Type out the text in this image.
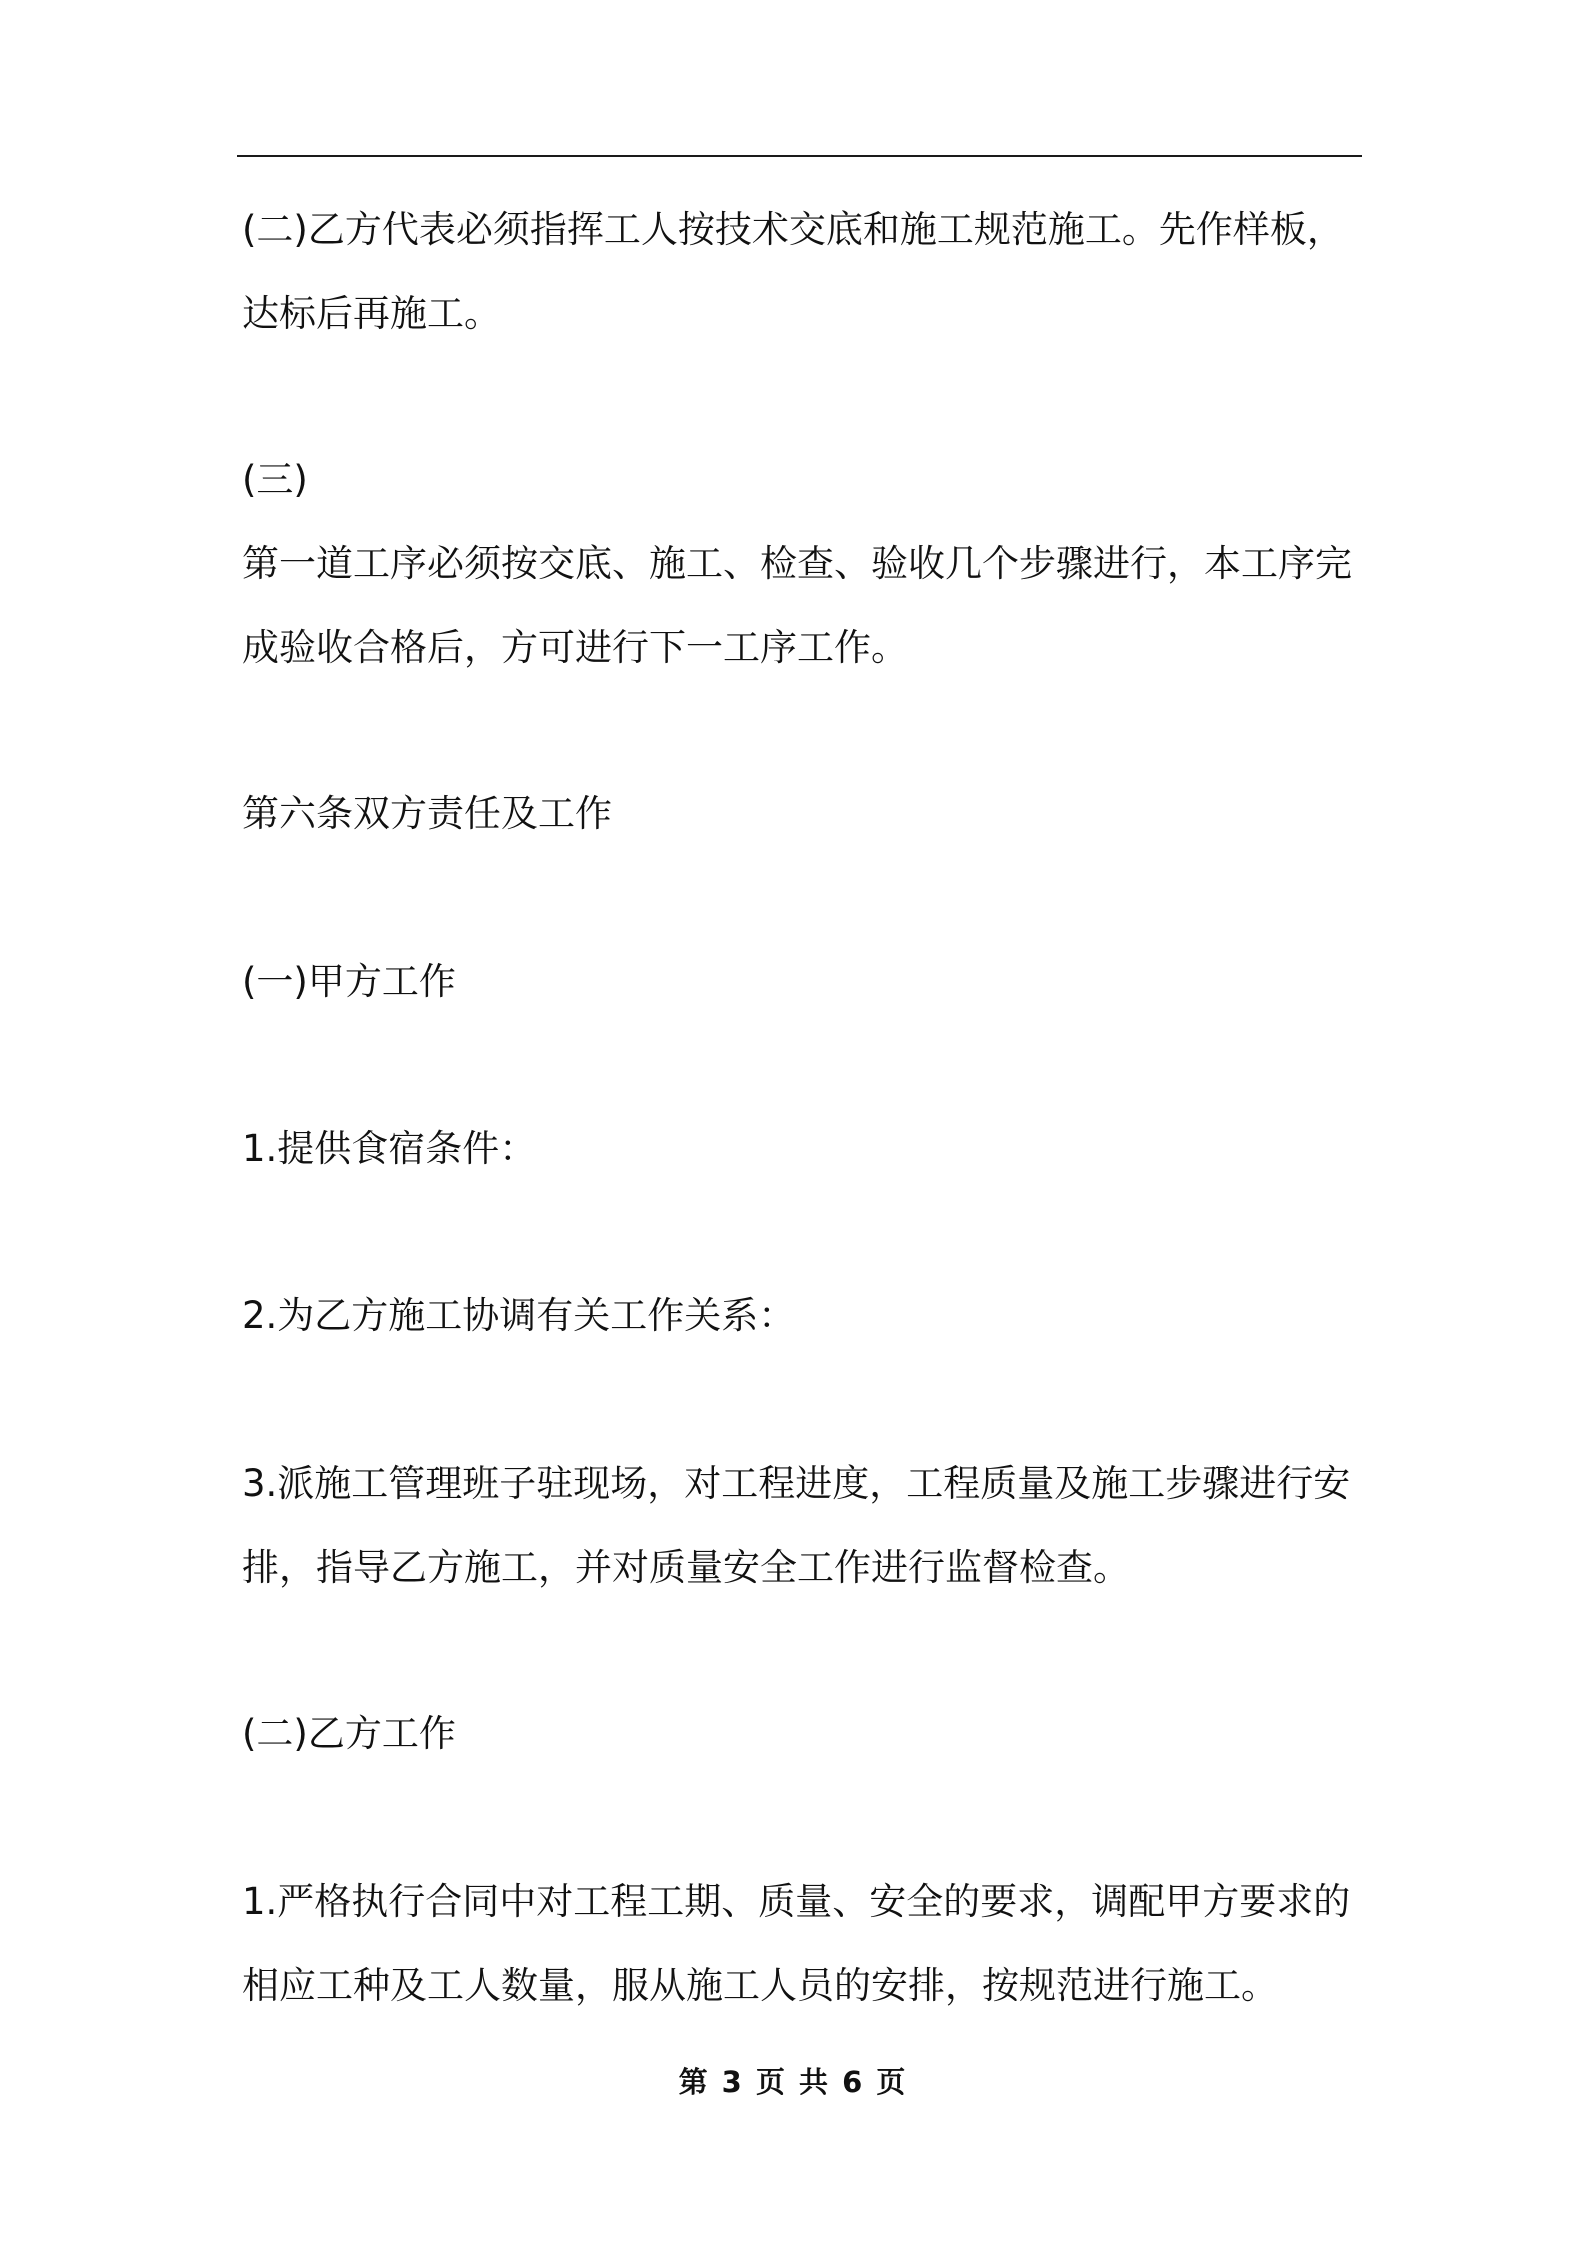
(二)乙方代表必须指挥工人按技术交底和施工规范施工。先作样板，达标后再施工。

(三)

第一道工序必须按交底、施工、检查、验收几个步骤进行，本工序完成验收合格后，方可进行下一工序工作。

第六条双方责任及工作

(一)甲方工作

1.提供食宿条件：

2.为乙方施工协调有关工作关系：

3.派施工管理班子驻现场，对工程进度，工程质量及施工步骤进行安排，指导乙方施工，并对质量安全工作进行监督检查。

(二)乙方工作

1.严格执行合同中对工程工期、质量、安全的要求，调配甲方要求的相应工种及工人数量，服从施工人员的安排，按规范进行施工。

第 3 页 共 6 页
